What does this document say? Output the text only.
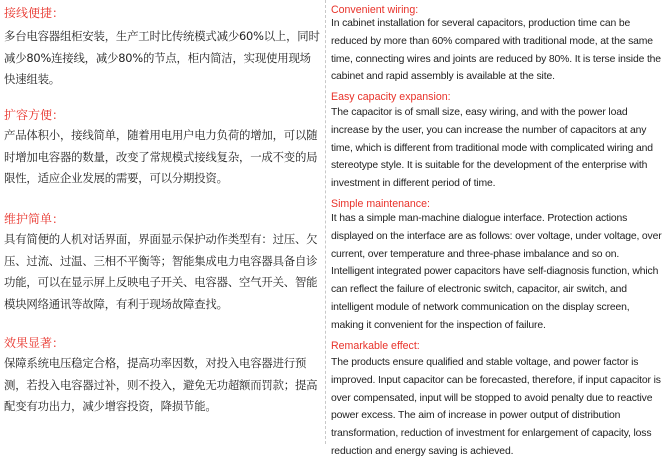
接线便捷：

多台电容器组柜安装，生产工时比传统模式减少60%以上，同时减少80%连接线，减少80%的节点，柜内简洁，实现使用现场快速组装。

扩容方便：

产品体积小，接线简单，随着用电用户电力负荷的增加，可以随时增加电容器的数量，改变了常规模式接线复杂，一成不变的局限性，适应企业发展的需要，可以分期投资。

维护简单：

具有简便的人机对话界面，界面显示保护动作类型有：过压、欠压、过流、过温、三相不平衡等；智能集成电力电容器具备自诊功能，可以在显示屏上反映电子开关、电容器、空气开关、智能模块网络通讯等故障，有利于现场故障查找。

效果显著：

保障系统电压稳定合格，提高功率因数，对投入电容器进行预测，若投入电容器过补，则不投入，避免无功超额而罚款；提高配变有功出力，减少增容投资，降损节能。

Convenient wiring:

In cabinet installation for several capacitors, production time can be reduced by more than 60% compared with traditional mode, at the same time, connecting wires and joints are reduced by 80%. It is terse inside the cabinet and rapid assembly is available at the site.

Easy capacity expansion:

The capacitor is of small size, easy wiring, and with the power load increase by the user, you can increase the number of capacitors at any time, which is different from traditional mode with complicated wiring and stereotype style. It is suitable for the development of the enterprise with investment in different period of time.

Simple maintenance:

It has a simple man-machine dialogue interface. Protection actions displayed on the interface are as follows: over voltage, under voltage, over current, over temperature and three-phase imbalance and so on. Intelligent integrated power capacitors have self-diagnosis function, which can reflect the failure of electronic switch, capacitor, air switch, and intelligent module of network communication on the display screen, making it convenient for the inspection of failure.

Remarkable effect:

The products ensure qualified and stable voltage, and power factor is improved. Input capacitor can be forecasted, therefore, if input capacitor is over compensated, input will be stopped to avoid penalty due to reactive power excess. The aim of increase in power output of distribution transformation, reduction of investment for enlargement of capacity, loss reduction and energy saving is achieved.
